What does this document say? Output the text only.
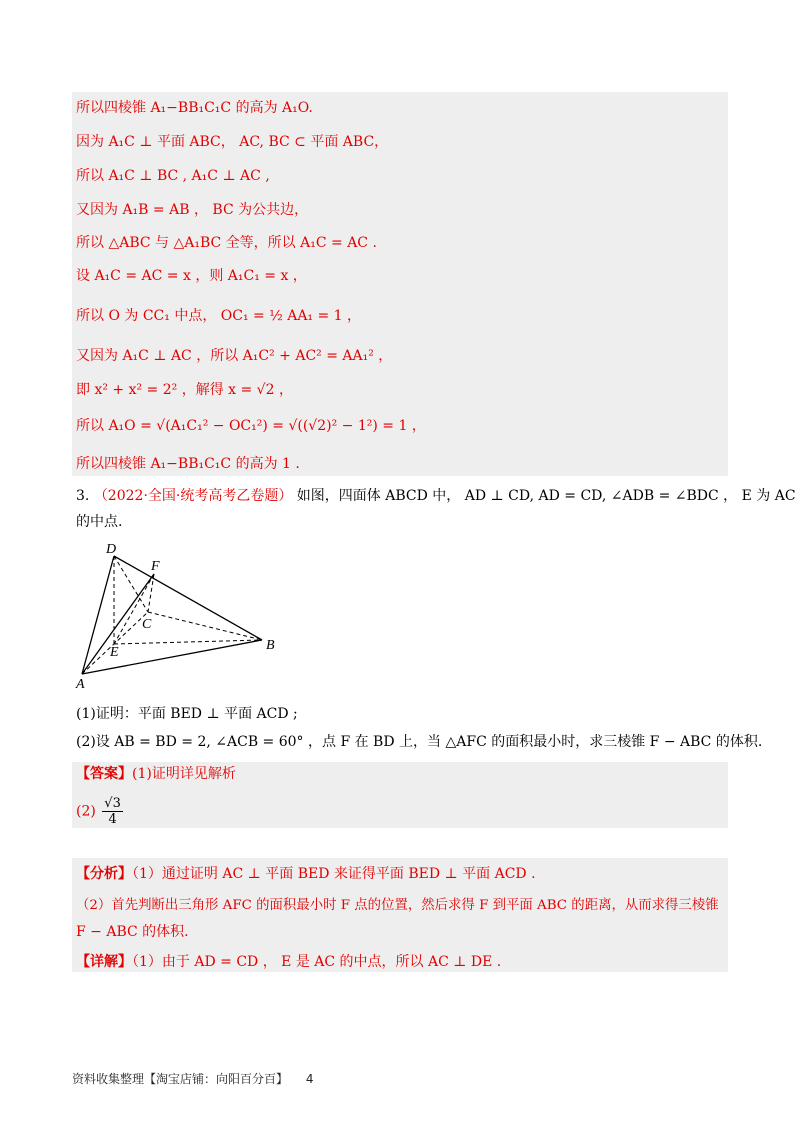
所以四棱锥 A₁−BB₁C₁C 的高为 A₁O.
因为 A₁C ⊥ 平面 ABC， AC, BC ⊂ 平面 ABC，
所以 A₁C ⊥ BC , A₁C ⊥ AC ,
又因为 A₁B = AB ， BC 为公共边，
所以 △ABC 与 △A₁BC 全等，所以 A₁C = AC .
设 A₁C = AC = x ，则 A₁C₁ = x ，
所以 O 为 CC₁ 中点， OC₁ = ½ AA₁ = 1 ，
又因为 A₁C ⊥ AC ，所以 A₁C² + AC² = AA₁² ，
即 x² + x² = 2² ，解得 x = √2 ，
所以 A₁O = √(A₁C₁² − OC₁²) = √((√2)² − 1²) = 1 ，
所以四棱锥 A₁−BB₁C₁C 的高为 1 .
3. （2022·全国·统考高考乙卷题） 如图，四面体 ABCD 中， AD ⊥ CD, AD = CD, ∠ADB = ∠BDC ， E 为 AC
的中点.
D
F
C
E	B
A
(1)证明：平面 BED ⊥ 平面 ACD ;
(2)设 AB = BD = 2, ∠ACB = 60° ，点 F 在 BD 上，当 △AFC 的面积最小时，求三棱锥 F − ABC 的体积.
【答案】(1)证明详见解析
$(2) \frac{√3}{4}$
【分析】（1）通过证明 AC ⊥ 平面 BED 来证得平面 BED ⊥ 平面 ACD .
（2）首先判断出三角形 AFC 的面积最小时 F 点的位置，然后求得 F 到平面 ABC 的距离，从而求得三棱锥
F − ABC 的体积.
【详解】（1）由于 AD = CD ， E 是 AC 的中点，所以 AC ⊥ DE .
资料收集整理【淘宝店铺：向阳百分百】 4
